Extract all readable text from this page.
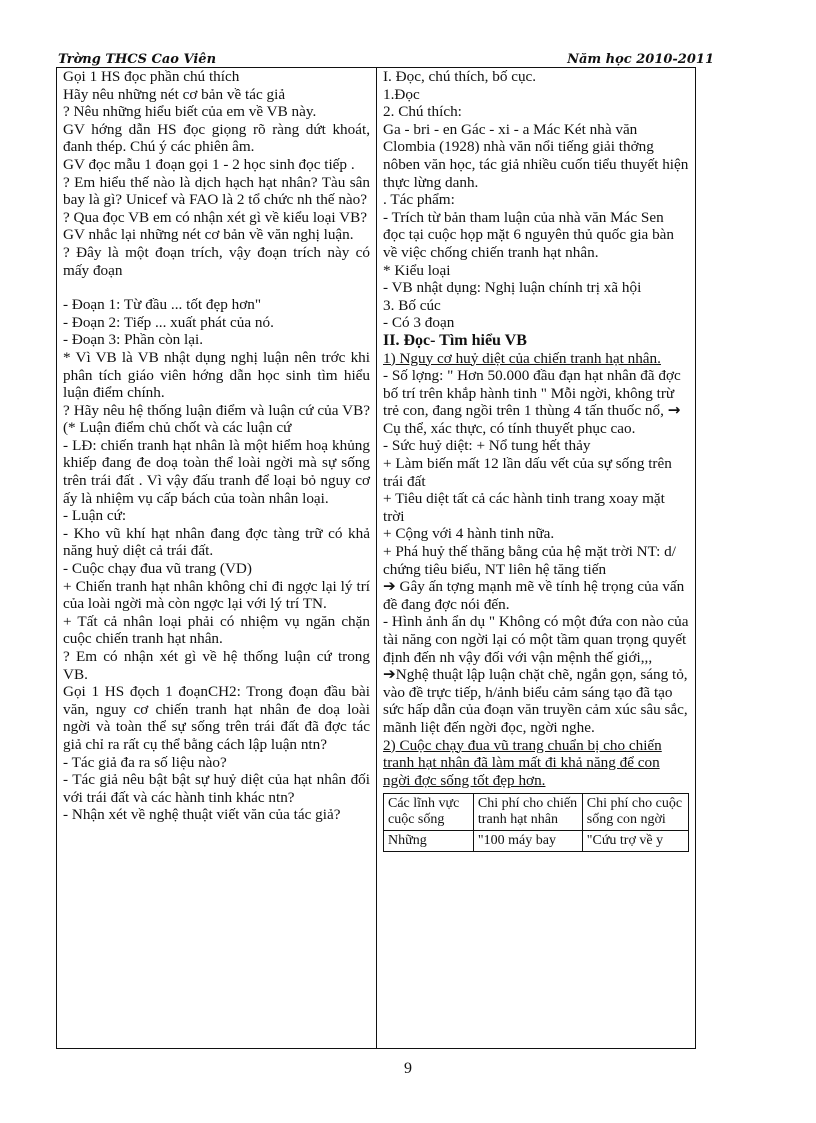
Trờng THCS Cao Viên	Năm học 2010-2011

Gọi 1 HS đọc phần chú thích

Hãy nêu những nét cơ bản về tác giả

? Nêu những hiểu biết của em về VB này.

GV hớng dẫn HS đọc giọng rõ ràng dứt khoát, đanh thép. Chú ý các phiên âm.

GV đọc mẫu 1 đoạn gọi 1 - 2 học sinh đọc tiếp .

? Em hiểu thế nào là dịch hạch hạt nhân? Tàu sân bay là gì? Unicef và FAO là 2 tổ chức nh thế nào?

? Qua đọc VB em có nhận xét gì về kiểu loại VB?

GV nhắc lại những nét cơ bản về văn nghị luận.

? Đây là một đoạn trích, vậy đoạn trích này có mấy đoạn

- Đoạn 1: Từ đầu ... tốt đẹp hơn"

- Đoạn 2: Tiếp ... xuất phát của nó.

- Đoạn 3: Phần còn lại.

* Vì VB là VB nhật dụng nghị luận nên trớc khi phân tích giáo viên hớng dẫn học sinh tìm hiểu luận điểm chính.

? Hãy nêu hệ thống luận điểm và luận cứ của VB? (* Luận điểm chủ chốt và các luận cứ

- LĐ: chiến tranh hạt nhân là một hiểm hoạ khủng khiếp đang đe doạ toàn thể loài ngời mà sự sống trên trái đất . Vì vậy đấu tranh để loại bỏ nguy cơ ấy là nhiệm vụ cấp bách của toàn nhân loại.

- Luận cứ:

- Kho vũ khí hạt nhân đang đợc tàng trữ có khả năng huỷ diệt cả trái đất.

- Cuộc chạy đua vũ trang (VD)

+ Chiến tranh hạt nhân không chỉ đi ngợc lại lý trí của loài ngời mà còn ngợc lại với lý trí TN.

+ Tất cả nhân loại phải có nhiệm vụ ngăn chặn cuộc chiến tranh hạt nhân.

? Em có nhận xét gì về hệ thống luận cứ trong VB.

Gọi 1 HS đọch 1 đoạnCH2: Trong đoạn đầu bài văn, nguy cơ chiến tranh hạt nhân đe doạ loài ngời và toàn thể sự sống trên trái đất đã đợc tác giả chỉ ra rất cụ thể bằng cách lập luận ntn?

- Tác giả đa ra số liệu nào?

- Tác giả nêu bật bật sự huỷ diệt của hạt nhân đối với trái đất và các hành tinh khác ntn?

- Nhận xét về nghệ thuật viết văn của tác giả?

I. Đọc, chú thích, bố cục.

1.Đọc

2. Chú thích:

Ga - bri - en Gác - xi - a Mác Két nhà văn Clombia (1928) nhà văn nổi tiếng giải thởng nôben văn học, tác giả nhiều cuốn tiểu thuyết hiện thực lừng danh.

. Tác phẩm:

- Trích từ bản tham luận của nhà văn Mác Sen đọc tại cuộc họp mặt 6 nguyên thủ quốc gia bàn về việc chống chiến tranh hạt nhân.

* Kiểu loại

- VB nhật dụng: Nghị luận chính trị xã hội

3. Bố cúc

- Có 3 đoạn

II. Đọc- Tìm hiểu VB

1) Nguy cơ huỷ diệt của chiến tranh hạt nhân.

- Số lợng: " Hơn 50.000 đầu đạn hạt nhân đã đợc bố trí trên khắp hành tinh " Mỗi ngời, không trừ trẻ con, đang ngồi trên 1 thùng 4 tấn thuốc nổ, → Cụ thể, xác thực, có tính thuyết phục cao.

- Sức huỷ diệt: + Nổ tung hết thảy

+ Làm biến mất 12 lần dấu vết của sự sống trên trái đất

+ Tiêu diệt tất cả các hành tinh trang xoay mặt trời

+ Cộng với 4 hành tinh nữa.

+ Phá huỷ thế thăng bằng của hệ mặt trời NT: d/ chứng tiêu biểu, NT liên hệ tăng tiến

➔ Gây ấn tợng mạnh mẽ về tính hệ trọng của vấn đề đang đợc nói đến.

- Hình ảnh ẩn dụ " Không có một đứa con nào của tài năng con ngời lại có một tầm quan trọng quyết định đến nh vậy đối với vận mệnh thế giới,,,

➔Nghệ thuật lập luận chặt chẽ, ngắn gọn, sáng tỏ, vào đề trực tiếp, h/ảnh biểu cảm sáng tạo đã tạo sức hấp dẫn của đoạn văn truyền cảm xúc sâu sắc, mãnh liệt đến ngời đọc, ngời nghe.

2) Cuộc chạy đua vũ trang chuẩn bị cho chiến tranh hạt nhân đã làm mất đi khả năng để con ngời đợc sống tốt đẹp hơn.

Các lĩnh vực cuộc sống	Chi phí cho chiến tranh hạt nhân	Chi phí cho cuộc sống con ngời
Những	"100 máy bay	"Cứu trợ về y
9
